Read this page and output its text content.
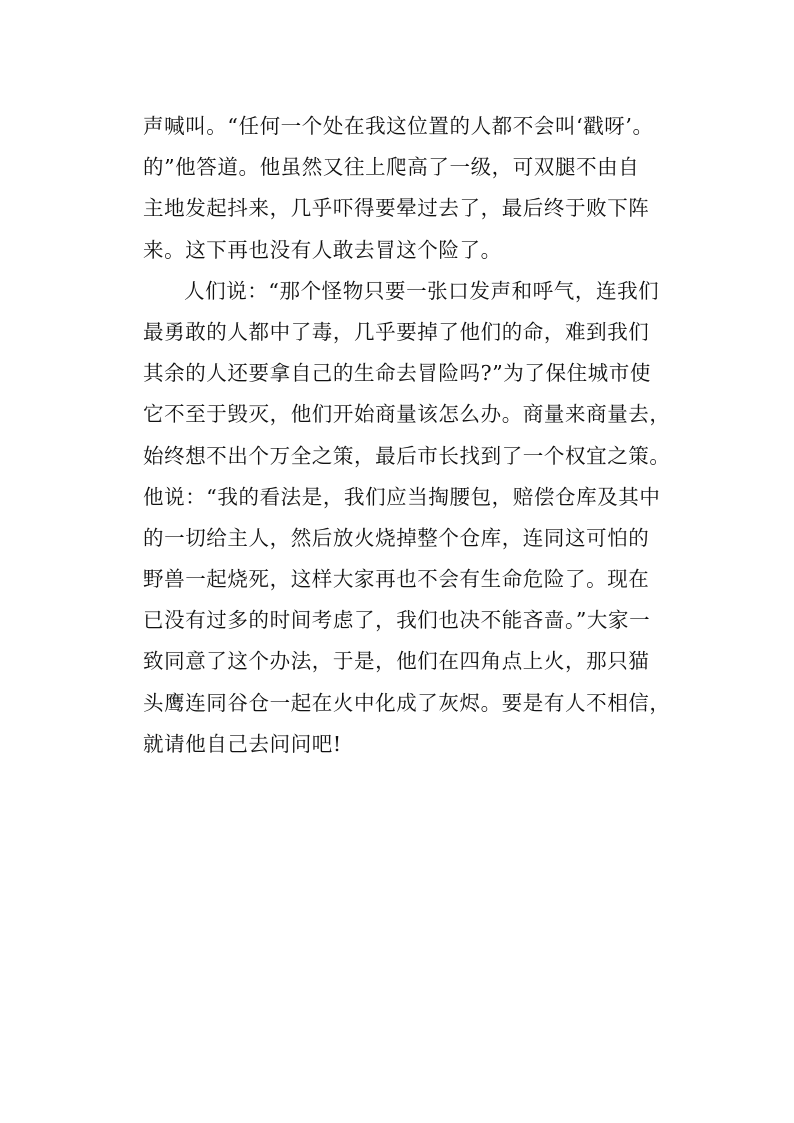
声喊叫。“任何一个处在我这位置的人都不会叫‘戳呀’。
的”他答道。他虽然又往上爬高了一级，可双腿不由自
主地发起抖来，几乎吓得要晕过去了，最后终于败下阵
来。这下再也没有人敢去冒这个险了。
人们说：“那个怪物只要一张口发声和呼气，连我们
最勇敢的人都中了毒，几乎要掉了他们的命，难到我们
其余的人还要拿自己的生命去冒险吗?”为了保住城市使
它不至于毁灭，他们开始商量该怎么办。商量来商量去，
始终想不出个万全之策，最后市长找到了一个权宜之策。
他说：“我的看法是，我们应当掏腰包，赔偿仓库及其中
的一切给主人，然后放火烧掉整个仓库，连同这可怕的
野兽一起烧死，这样大家再也不会有生命危险了。现在
已没有过多的时间考虑了，我们也决不能吝啬。”大家一
致同意了这个办法，于是，他们在四角点上火，那只猫
头鹰连同谷仓一起在火中化成了灰烬。要是有人不相信，
就请他自己去问问吧!
